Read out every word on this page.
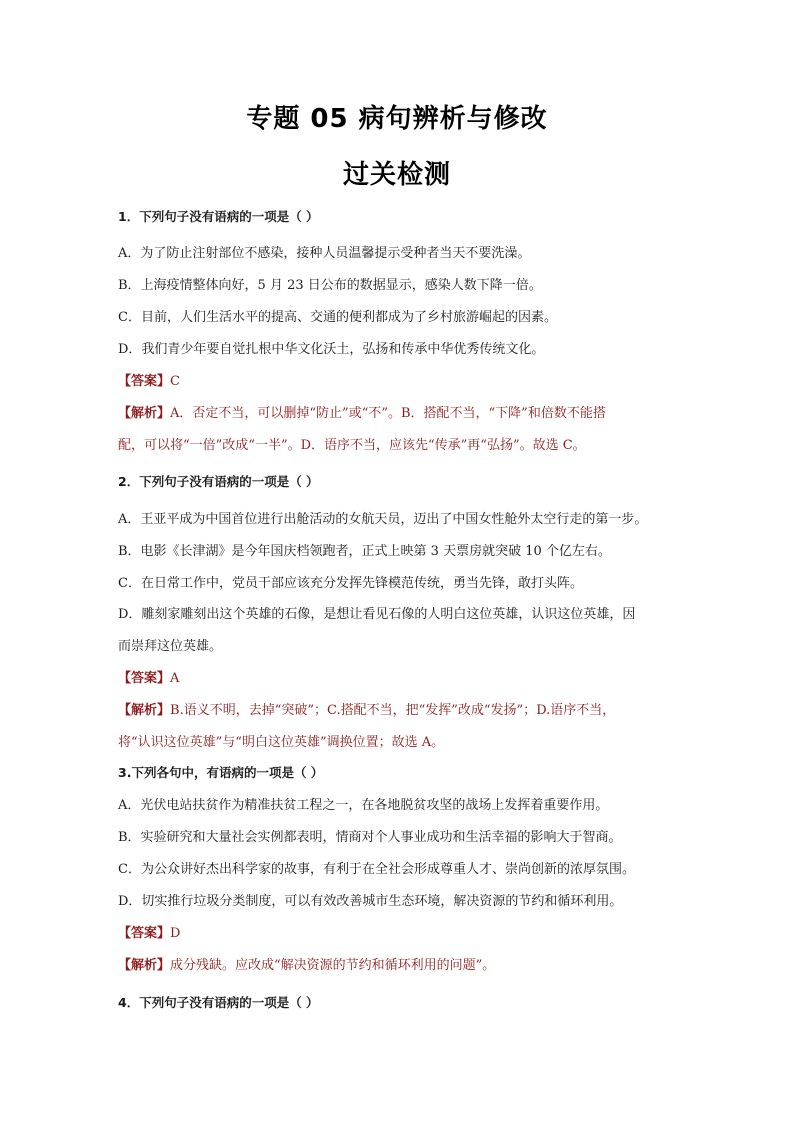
专题 05 病句辨析与修改
过关检测
1．下列句子没有语病的一项是（ ）
A．为了防止注射部位不感染，接种人员温馨提示受种者当天不要洗澡。
B．上海疫情整体向好，5 月 23 日公布的数据显示，感染人数下降一倍。
C．目前，人们生活水平的提高、交通的便利都成为了乡村旅游崛起的因素。
D．我们青少年要自觉扎根中华文化沃土，弘扬和传承中华优秀传统文化。
【答案】C
【解析】A．否定不当，可以删掉“防止”或“不”。B．搭配不当，“下降”和倍数不能搭
配，可以将“一倍”改成“一半”。D．语序不当，应该先“传承”再“弘扬”。故选 C。
2．下列句子没有语病的一项是（ ）
A．王亚平成为中国首位进行出舱活动的女航天员，迈出了中国女性舱外太空行走的第一步。
B．电影《长津湖》是今年国庆档领跑者，正式上映第 3 天票房就突破 10 个亿左右。
C．在日常工作中，党员干部应该充分发挥先锋模范传统，勇当先锋，敢打头阵。
D．雕刻家雕刻出这个英雄的石像，是想让看见石像的人明白这位英雄，认识这位英雄，因
而崇拜这位英雄。
【答案】A
【解析】B.语义不明，去掉“突破”；C.搭配不当，把“发挥”改成“发扬”；D.语序不当，
将“认识这位英雄”与“明白这位英雄”调换位置；故选 A。
3.下列各句中，有语病的一项是（ ）
A．光伏电站扶贫作为精准扶贫工程之一，在各地脱贫攻坚的战场上发挥着重要作用。
B．实验研究和大量社会实例都表明，情商对个人事业成功和生活幸福的影响大于智商。
C．为公众讲好杰出科学家的故事，有利于在全社会形成尊重人才、崇尚创新的浓厚氛围。
D．切实推行垃圾分类制度，可以有效改善城市生态环境，解决资源的节约和循环利用。
【答案】D
【解析】成分残缺。应改成“解决资源的节约和循环利用的问题”。
4．下列句子没有语病的一项是（ ）
